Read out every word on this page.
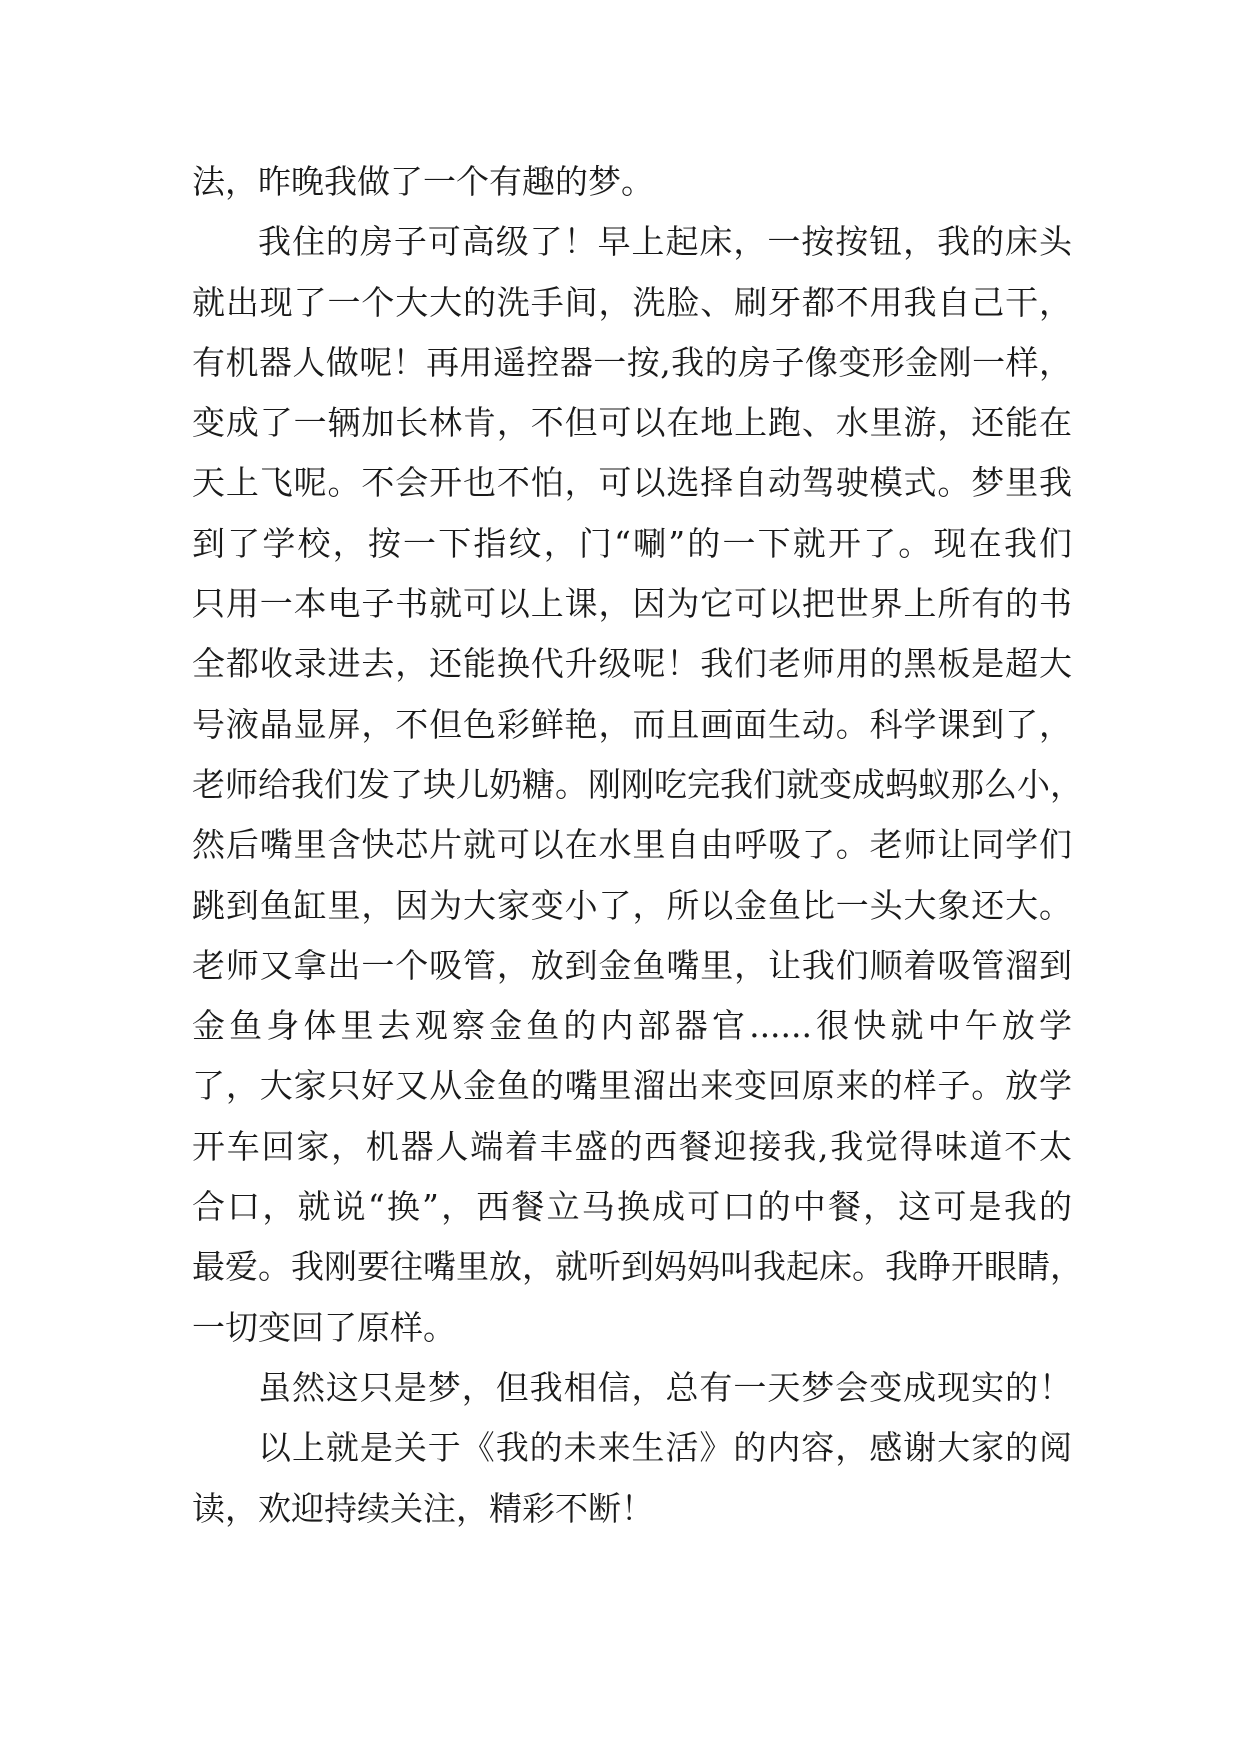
法，昨晚我做了一个有趣的梦。
我住的房子可高级了！早上起床，一按按钮，我的床头
就出现了一个大大的洗手间，洗脸、刷牙都不用我自己干，
有机器人做呢！再用遥控器一按,我的房子像变形金刚一样，
变成了一辆加长林肯，不但可以在地上跑、水里游，还能在
天上飞呢。不会开也不怕，可以选择自动驾驶模式。梦里我
到了学校，按一下指纹，门“唰”的一下就开了。现在我们
只用一本电子书就可以上课，因为它可以把世界上所有的书
全都收录进去，还能换代升级呢！我们老师用的黑板是超大
号液晶显屏，不但色彩鲜艳，而且画面生动。科学课到了，
老师给我们发了块儿奶糖。刚刚吃完我们就变成蚂蚁那么小，
然后嘴里含快芯片就可以在水里自由呼吸了。老师让同学们
跳到鱼缸里，因为大家变小了，所以金鱼比一头大象还大。
老师又拿出一个吸管，放到金鱼嘴里，让我们顺着吸管溜到
金鱼身体里去观察金鱼的内部器官......很快就中午放学
了，大家只好又从金鱼的嘴里溜出来变回原来的样子。放学
开车回家，机器人端着丰盛的西餐迎接我,我觉得味道不太
合口，就说“换”，西餐立马换成可口的中餐，这可是我的
最爱。我刚要往嘴里放，就听到妈妈叫我起床。我睁开眼睛，
一切变回了原样。
虽然这只是梦，但我相信，总有一天梦会变成现实的！
以上就是关于《我的未来生活》的内容，感谢大家的阅
读，欢迎持续关注，精彩不断！
